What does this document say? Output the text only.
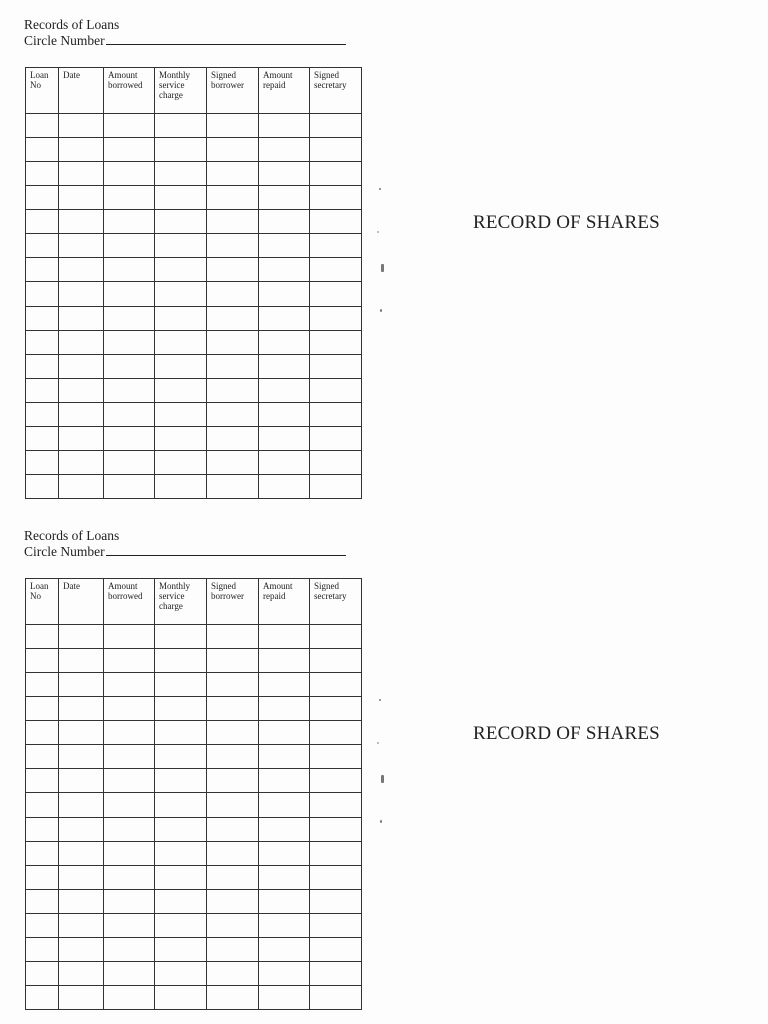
Records of Loans
Circle Number
Loan No	Date	Amount borrowed	Monthly service charge	Signed borrower	Amount repaid	Signed secretary

RECORD OF SHARES
Records of Loans
Circle Number
Loan No	Date	Amount borrowed	Monthly service charge	Signed borrower	Amount repaid	Signed secretary

RECORD OF SHARES
